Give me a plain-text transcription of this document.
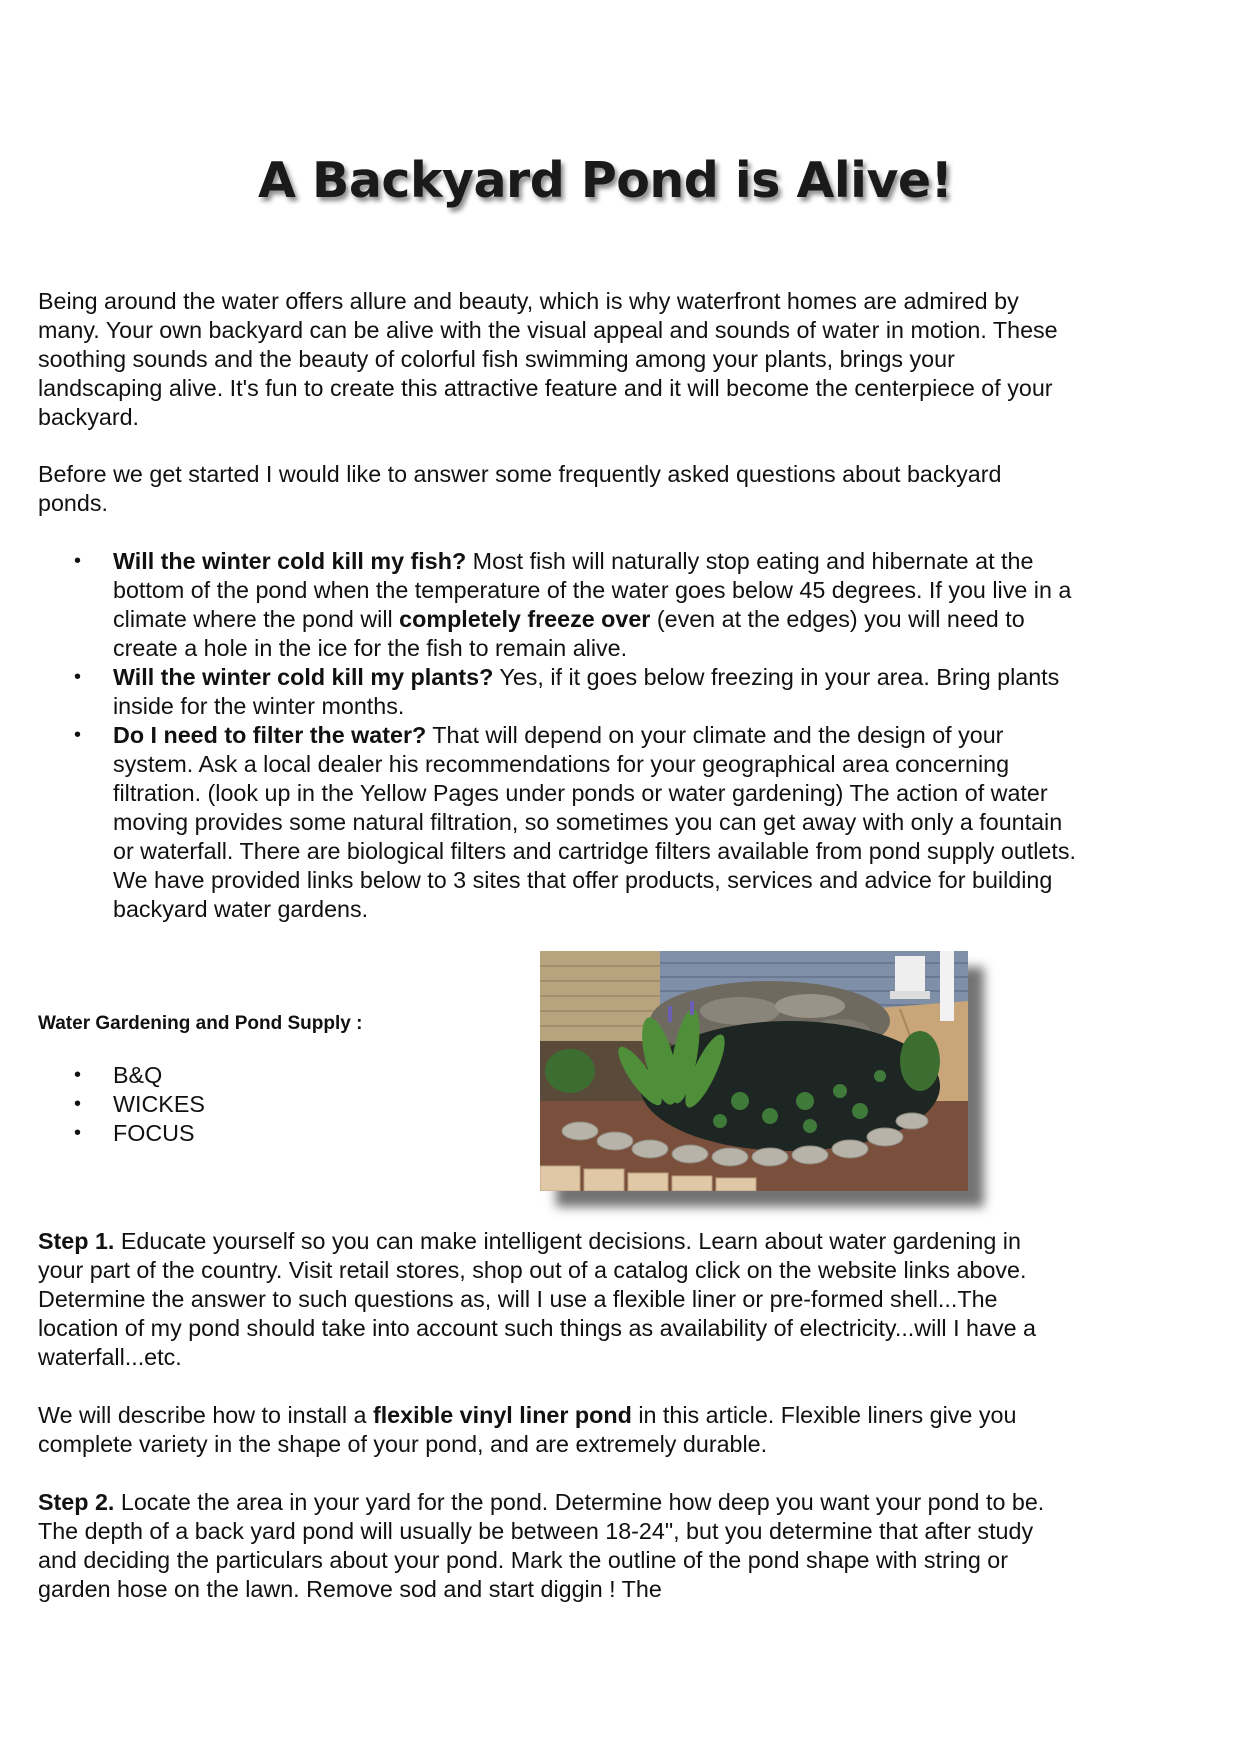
A Backyard Pond is Alive!

Being around the water offers allure and beauty, which is why waterfront homes are admired by many. Your own backyard can be alive with the visual appeal and sounds of water in motion. These soothing sounds and the beauty of colorful fish swimming among your plants, brings your landscaping alive. It's fun to create this attractive feature and it will become the centerpiece of your backyard.

Before we get started I would like to answer some frequently asked questions about backyard ponds.

• Will the winter cold kill my fish? Most fish will naturally stop eating and hibernate at the bottom of the pond when the temperature of the water goes below 45 degrees. If you live in a climate where the pond will completely freeze over (even at the edges) you will need to create a hole in the ice for the fish to remain alive.
• Will the winter cold kill my plants? Yes, if it goes below freezing in your area. Bring plants inside for the winter months.
• Do I need to filter the water? That will depend on your climate and the design of your system. Ask a local dealer his recommendations for your geographical area concerning filtration. (look up in the Yellow Pages under ponds or water gardening) The action of water moving provides some natural filtration, so sometimes you can get away with only a fountain or waterfall. There are biological filters and cartridge filters available from pond supply outlets. We have provided links below to 3 sites that offer products, services and advice for building backyard water gardens.

Water Gardening and Pond Supply :

• B&Q
• WICKES
• FOCUS

Step 1. Educate yourself so you can make intelligent decisions. Learn about water gardening in your part of the country. Visit retail stores, shop out of a catalog click on the website links above. Determine the answer to such questions as, will I use a flexible liner or pre-formed shell...The location of my pond should take into account such things as availability of electricity...will I have a waterfall...etc.

We will describe how to install a flexible vinyl liner pond in this article. Flexible liners give you complete variety in the shape of your pond, and are extremely durable.

Step 2. Locate the area in your yard for the pond. Determine how deep you want your pond to be. The depth of a back yard pond will usually be between 18-24", but you determine that after study and deciding the particulars about your pond. Mark the outline of the pond shape with string or garden hose on the lawn. Remove sod and start diggin ! The
